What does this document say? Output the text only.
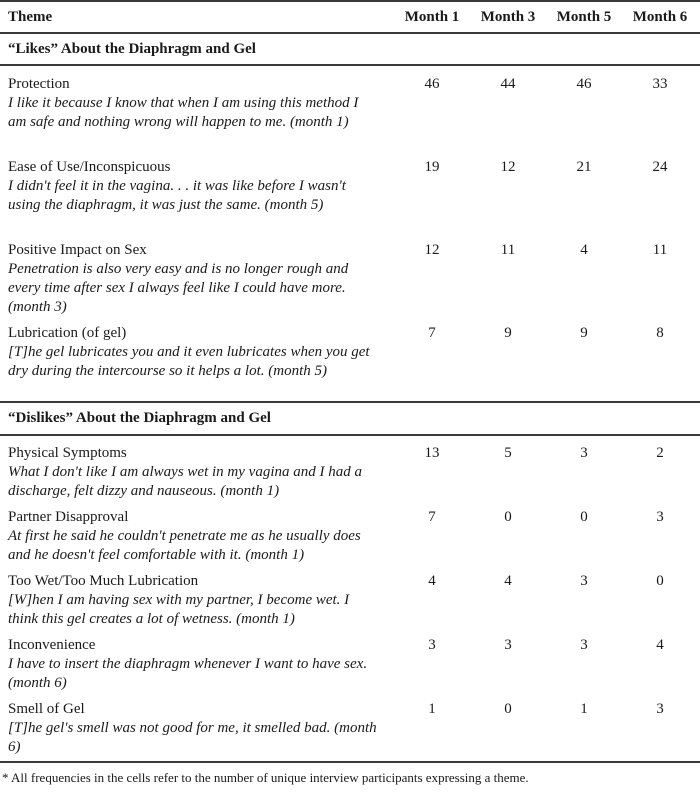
Theme	Month 1	Month 3	Month 5	Month 6
“Likes” About the Diaphragm and Gel
Protection
I like it because I know that when I am using this method I am safe and nothing wrong will happen to me. (month 1)
46	44	46	33
Ease of Use/Inconspicuous
I didn't feel it in the vagina. . . it was like before I wasn't using the diaphragm, it was just the same. (month 5)
19	12	21	24
Positive Impact on Sex
Penetration is also very easy and is no longer rough and every time after sex I always feel like I could have more. (month 3)
12	11	4	11
Lubrication (of gel)
[T]he gel lubricates you and it even lubricates when you get dry during the intercourse so it helps a lot. (month 5)
7	9	9	8
“Dislikes” About the Diaphragm and Gel
Physical Symptoms
What I don't like I am always wet in my vagina and I had a discharge, felt dizzy and nauseous. (month 1)
13	5	3	2
Partner Disapproval
At first he said he couldn't penetrate me as he usually does and he doesn't feel comfortable with it. (month 1)
7	0	0	3
Too Wet/Too Much Lubrication
[W]hen I am having sex with my partner, I become wet. I think this gel creates a lot of wetness. (month 1)
4	4	3	0
Inconvenience
I have to insert the diaphragm whenever I want to have sex. (month 6)
3	3	3	4
Smell of Gel
[T]he gel's smell was not good for me, it smelled bad. (month 6)
1	0	1	3
* All frequencies in the cells refer to the number of unique interview participants expressing a theme.
